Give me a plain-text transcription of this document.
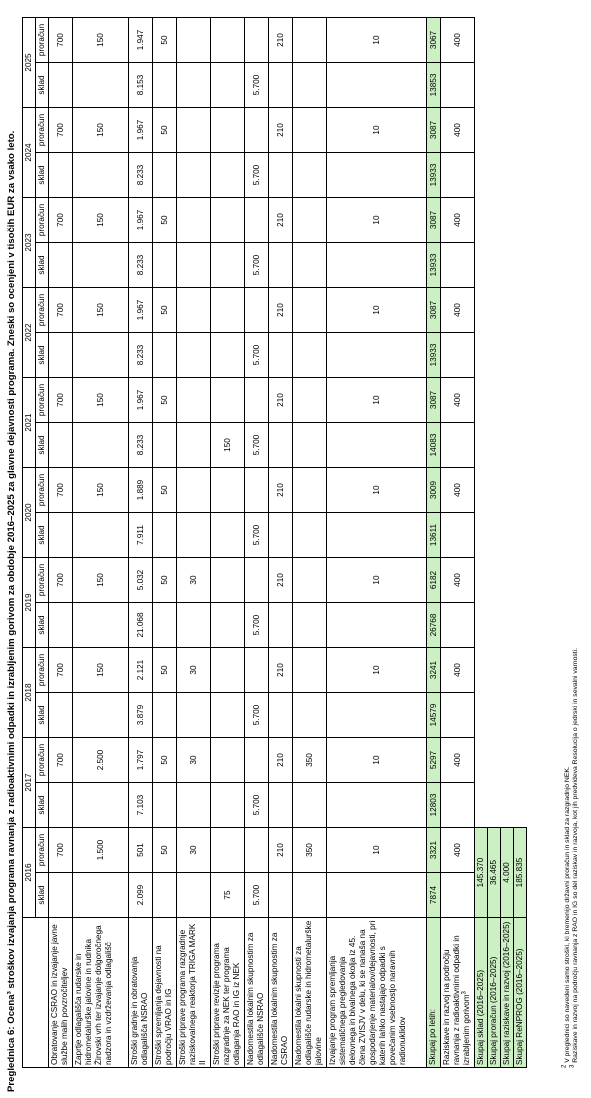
Preglednica 6: Ocena³ stroškov izvajanja programa ravnanja z radioaktivnimi odpadki in izrabljenim gorivom za obdobje 2016–2025 za glavne dejavnosti programa. Zneski so ocenjeni v tisočih EUR za vsako leto.
	2016		2017		2018		2019		2020		2021		2022		2023		2024		2025	
	sklad	proračun	sklad	proračun	sklad	proračun	sklad	proračun	sklad	proračun	sklad	proračun	sklad	proračun	sklad	proračun	sklad	proračun	sklad	proračun
Obratovanje CSRAO in izvajanje javne službe malih povzročiteljev		700		700		700		700		700		700		700		700		700		700
Zaprtje odlagališča rudarske in hidrometalurške jalovine in rudnika Žirovski vrh ter izvajanje dolgoročnega nadzora in vzdrževanja odlagališč		1.500		2.500		150		150		150		150		150		150		150		150
Stroški gradnje in obratovanja odlagališča NSRAO	2.099	501	7.103	1.797	3.879	2.121	21.068	5.032	7.911	1.889	8.233	1.967	8.233	1.967	8.233	1.967	8.233	1.967	8.153	1.947
Stroški spremljanja dejavnosti na področju VRAO in IG		50		50		50		50		50		50		50		50		50		50
Stroški priprave programa razgradnje raziskovalnega reaktorja TRIGA MARK II		30		30		30		30												
Stroški priprave revizije programa razgradnje za NEK ter programa odlaganja RAO in IG iz NEK	75										150									
Nadomestila lokalnim skupnostim za odlagališče NSRAO	5.700		5.700		5.700		5.700		5.700		5.700		5.700		5.700		5.700		5.700	
Nadomestila lokalnim skupnostim za CSRAO		210		210		210		210		210		210		210		210		210		210
Nadomestila lokalni skupnosti za odlagališče rudarske in hidrometalurške jalovine		350		350																
Izvajanje program spremljanja sistematičnega pregledovanja delovnega in bivalnega okolja iz 45. člena ZVISJV v delu, ki se nanaša na gospodarjenje materialov/dejavnosti, pri katerih lahko nastajajo odpadki s povečanim vsebnostjo naravnih radionuklidov		10		10		10		10		10		10		10		10		10		10
Skupaj po letih:	7874	3321	12803	5297	14579	3241	26768	6182	13611	3009	14083	3087	13933	3087	13933	3087	13933	3087	13853	3067
Raziskave in razvoj na področju ravnanja z radioaktivnimi odpadki in izrabljenim gorivom$^3$		400		400		400		400		400		400		400		400		400		400
Skupaj sklad (2016–2025)	145.370																			
Skupaj proračun (2016–2025)	36.465																			
Skupaj raziskave in razvoj (2016–2025)	4.000																			
Skupaj ReNPROG (2016–2025)	185.835																			
$^2$ V preglednici so navedeni samo stroški, ki bremenijo državni proračun in sklad za razgradnjo NEK.
$^3$ Raziskave in razvoj na področju ravnanja z RAO in IG so del raziskav in razvoja, kot jih predvideva Resolucija o jedrski in sevalni varnosti.
